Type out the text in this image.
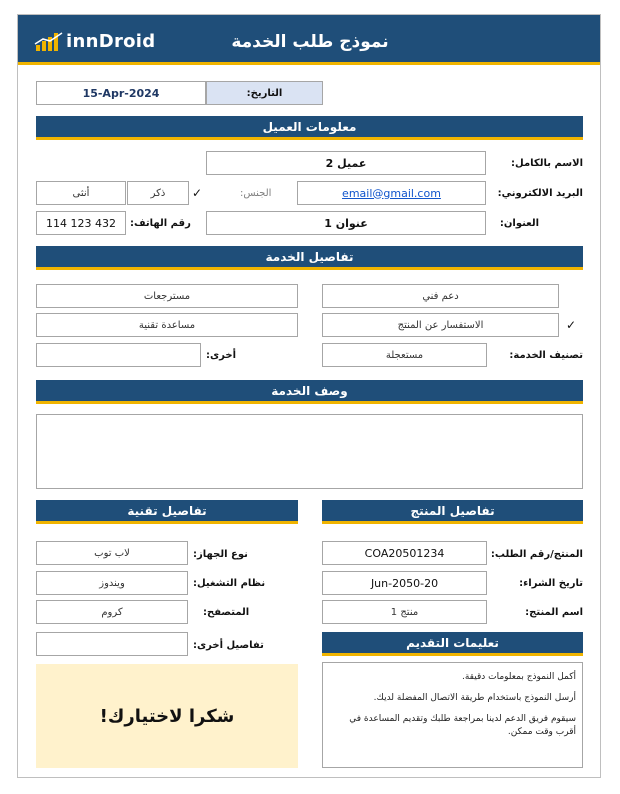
innDroid	نموذج طلب الخدمة
15-Apr-2024	التاريخ:
معلومات العميل
الاسم بالكامل:
عميل 2
البريد الالكتروني:
email@gmail.com
الجنس:
✓
ذكر
أنثى
العنوان:
عنوان 1
رقم الهاتف:
432 123 114
تفاصيل الخدمة
دعم فني
مسترجعات
✓
الاستفسار عن المنتج
مساعدة تقنية
تصنيف الخدمة:
مستعجلة
أخرى:
وصف الخدمة
تفاصيل المنتج
المنتج/رقم الطلب:
COA20501234
تاريخ الشراء:
20-Jun-2050
اسم المنتج:
منتج 1
تفاصيل تقنية
نوع الجهاز:
لاب توب
نظام التشغيل:
ويندوز
المتصفح:
كروم
تفاصيل أخرى:	تعليمات التقديم

أكمل النموذج بمعلومات دقيقة.

أرسل النموذج باستخدام طريقة الاتصال المفضلة لديك.

سيقوم فريق الدعم لدينا بمراجعة طلبك وتقديم المساعدة في أقرب وقت ممكن.

شكرا لاختيارك!
